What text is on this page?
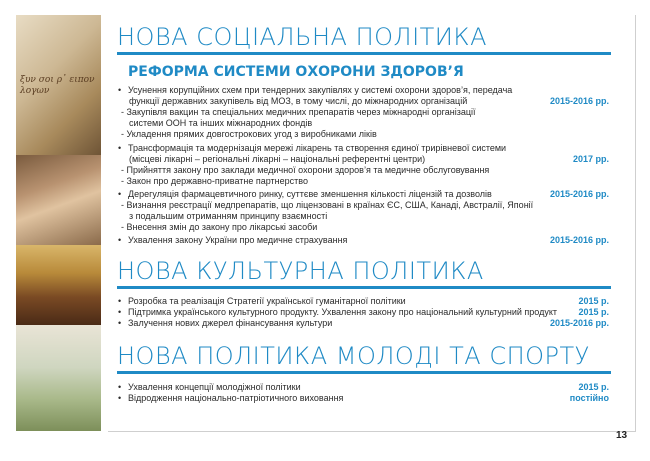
ξυν σοι ρ᾽ ειπον λογων
НОВА СОЦІАЛЬНА ПОЛІТИКА
РЕФОРМА СИСТЕМИ ОХОРОНИ ЗДОРОВ’Я
Усунення корупційних схем при тендерних закупівлях у системі охорони здоров’я, передача
функції державних закупівель від МОЗ, в тому числі, до міжнародних організацій	2015-2016 рр.
- Закупівля вакцин та спеціальних медичних препаратів через міжнародні організації
системи ООН та інших міжнародних фондів
- Укладення прямих довгострокових угод з виробниками ліків
Трансформація та модернізація мережі лікарень та створення єдиної трирівневої системи
(місцеві лікарні – регіональні лікарні – національні референтні центри)	2017 рр.
- Прийняття закону про заклади медичної охорони здоров’я та медичне обслуговування
- Закон про державно-приватне партнерство
Дерегуляція фармацевтичного ринку, суттєве зменшення кількості ліцензій та дозволів	2015-2016 рр.
- Визнання реєстрації медпрепаратів, що ліцензовані в країнах ЄС, США, Канаді, Австралії, Японії
з подальшим отриманням принципу взаємності
- Внесення змін до закону про лікарські засоби
Ухвалення закону України про медичне страхування	2015-2016 рр.
НОВА КУЛЬТУРНА ПОЛІТИКА
Розробка та реалізація Стратегії української гуманітарної політики	2015 р.
Підтримка українського культурного продукту. Ухвалення закону про національний культурний продукт 2015 р.
Залучення нових джерел фінансування культури	2015-2016 рр.
НОВА ПОЛІТИКА МОЛОДІ ТА СПОРТУ
Ухвалення концепції молодіжної політики	2015 р.
Відродження національно-патріотичного виховання	постійно
13
